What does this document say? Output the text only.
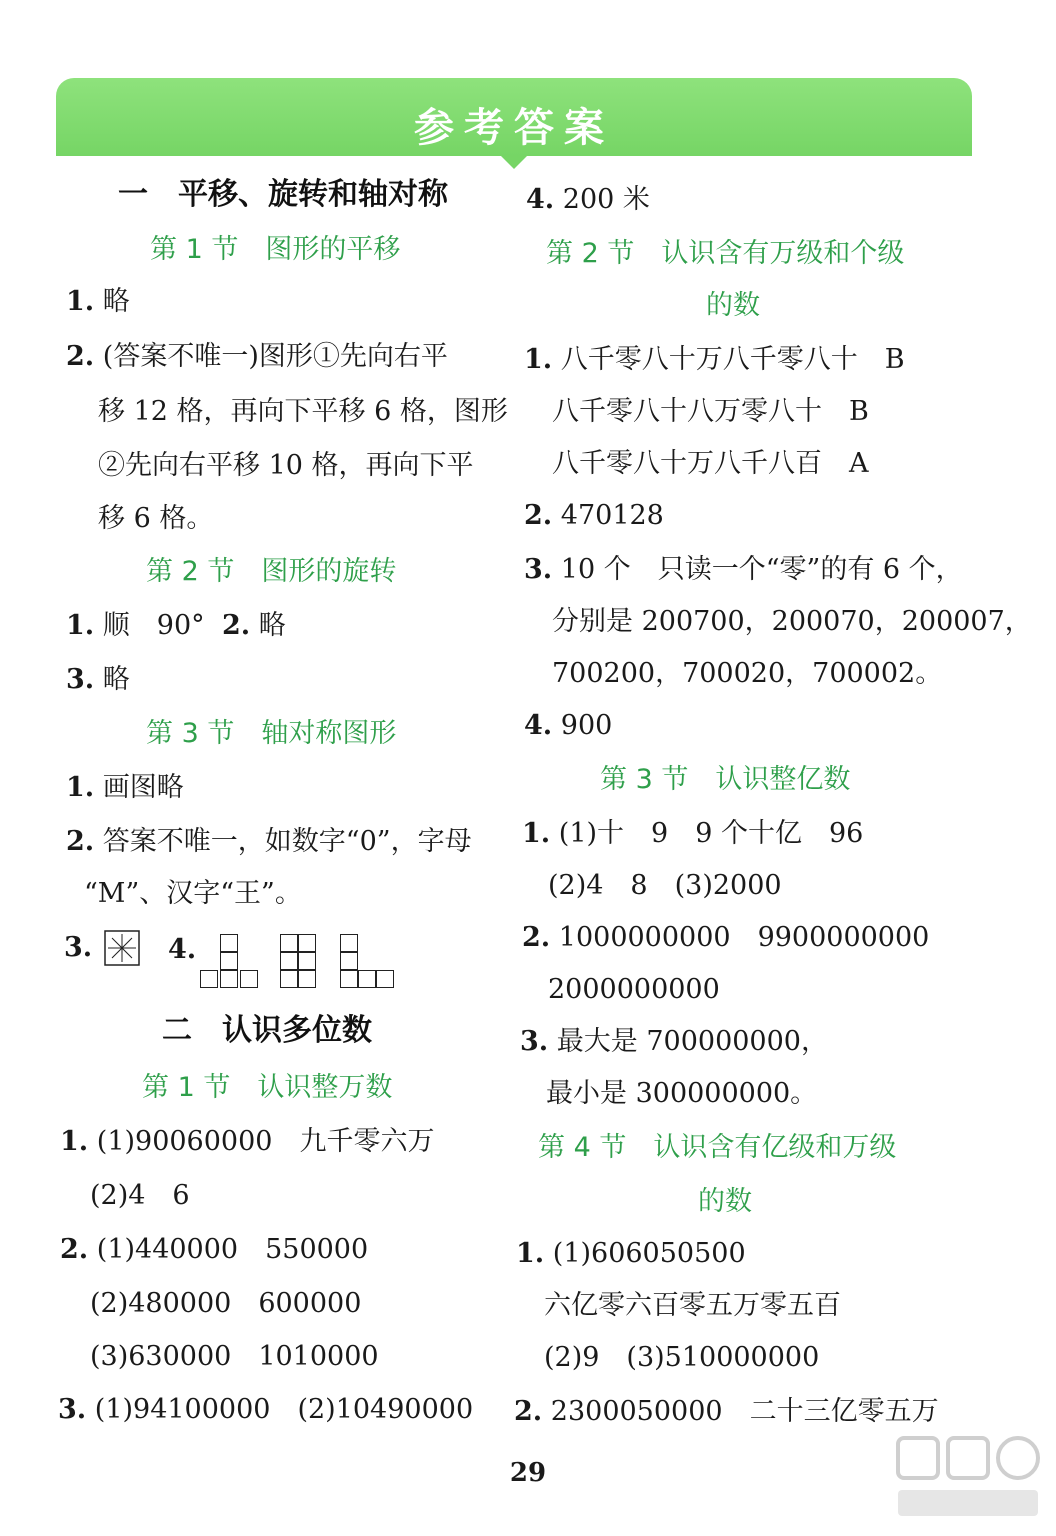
参考答案
一　平移、旋转和轴对称
第 1 节　图形的平移
1. 略
2. (答案不唯一)图形①先向右平
移 12 格，再向下平移 6 格，图形
②先向右平移 10 格，再向下平
移 6 格。
第 2 节　图形的旋转
1. 顺　90° 2. 略
3. 略
第 3 节　轴对称图形
1. 画图略
2. 答案不唯一，如数字“0”，字母
“M”、汉字“王”。
3.	4.
二　认识多位数
第 1 节　认识整万数
1. (1)90060000　九千零六万
(2)4　6
2. (1)440000　550000
(2)480000　600000
(3)630000　1010000
3. (1)94100000　(2)10490000
4. 200 米
第 2 节　认识含有万级和个级
的数
1. 八千零八十万八千零八十　B
八千零八十八万零八十　B
八千零八十万八千八百　A
2. 470128
3. 10 个　只读一个“零”的有 6 个，
分别是 200700，200070，200007，
700200，700020，700002。
4. 900
第 3 节　认识整亿数
1. (1)十　9　9 个十亿　96
(2)4　8　(3)2000
2. 1000000000　9900000000
2000000000
3. 最大是 700000000，
最小是 300000000。
第 4 节　认识含有亿级和万级
的数
1. (1)606050500
六亿零六百零五万零五百
(2)9　(3)510000000
2. 2300050000　二十三亿零五万
29
